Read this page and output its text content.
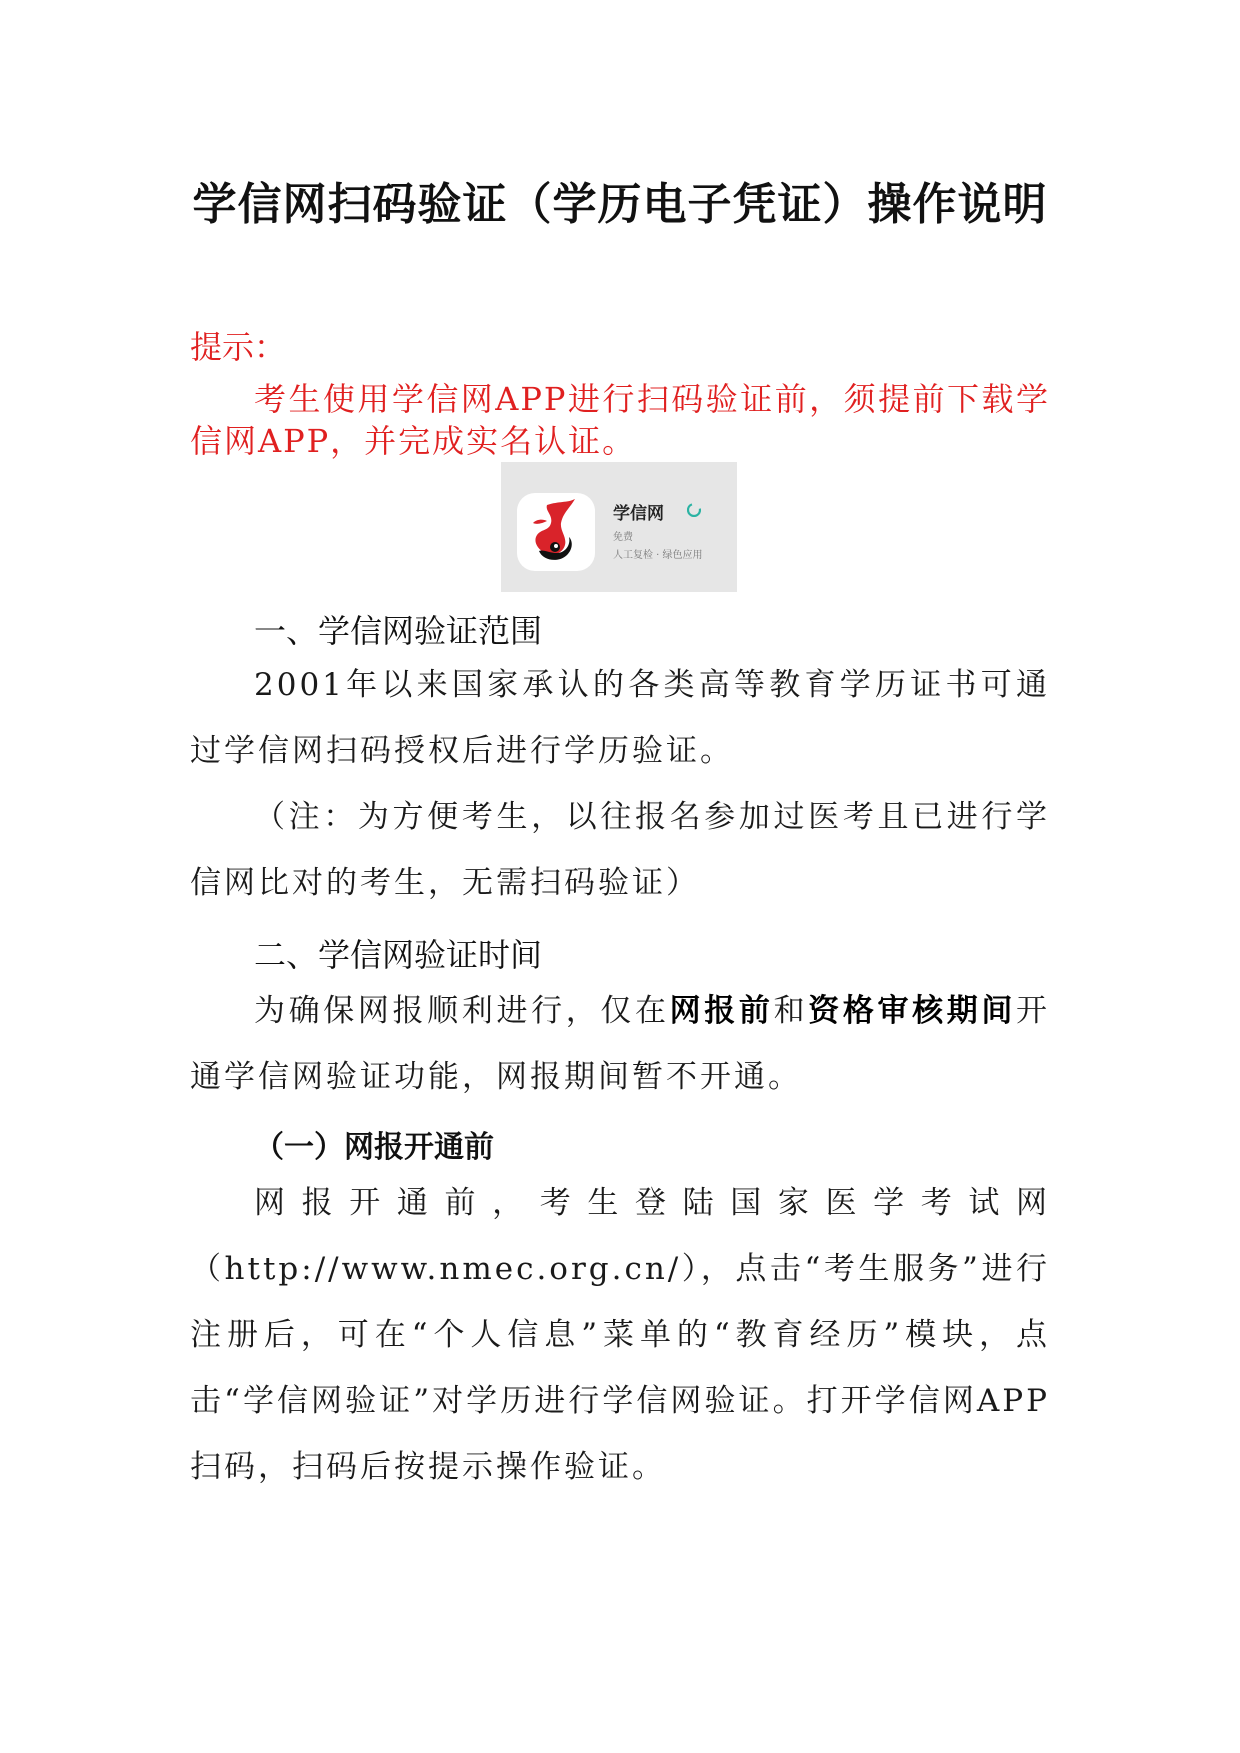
学信网扫码验证（学历电子凭证）操作说明
提示：
考生使用学信网APP进行扫码验证前，须提前下载学信网APP，并完成实名认证。
学信网
免费
人工复检 · 绿色应用
一、学信网验证范围
2001年以来国家承认的各类高等教育学历证书可通过学信网扫码授权后进行学历验证。
（注：为方便考生，以往报名参加过医考且已进行学信网比对的考生，无需扫码验证）
二、学信网验证时间
为确保网报顺利进行，仅在网报前和资格审核期间开通学信网验证功能，网报期间暂不开通。
（一）网报开通前
网报开通前，考生登陆国家医学考试网（http://www.nmec.org.cn/），点击“考生服务”进行注册后，可在“个人信息”菜单的“教育经历”模块，点击“学信网验证”对学历进行学信网验证。打开学信网APP扫码，扫码后按提示操作验证。
